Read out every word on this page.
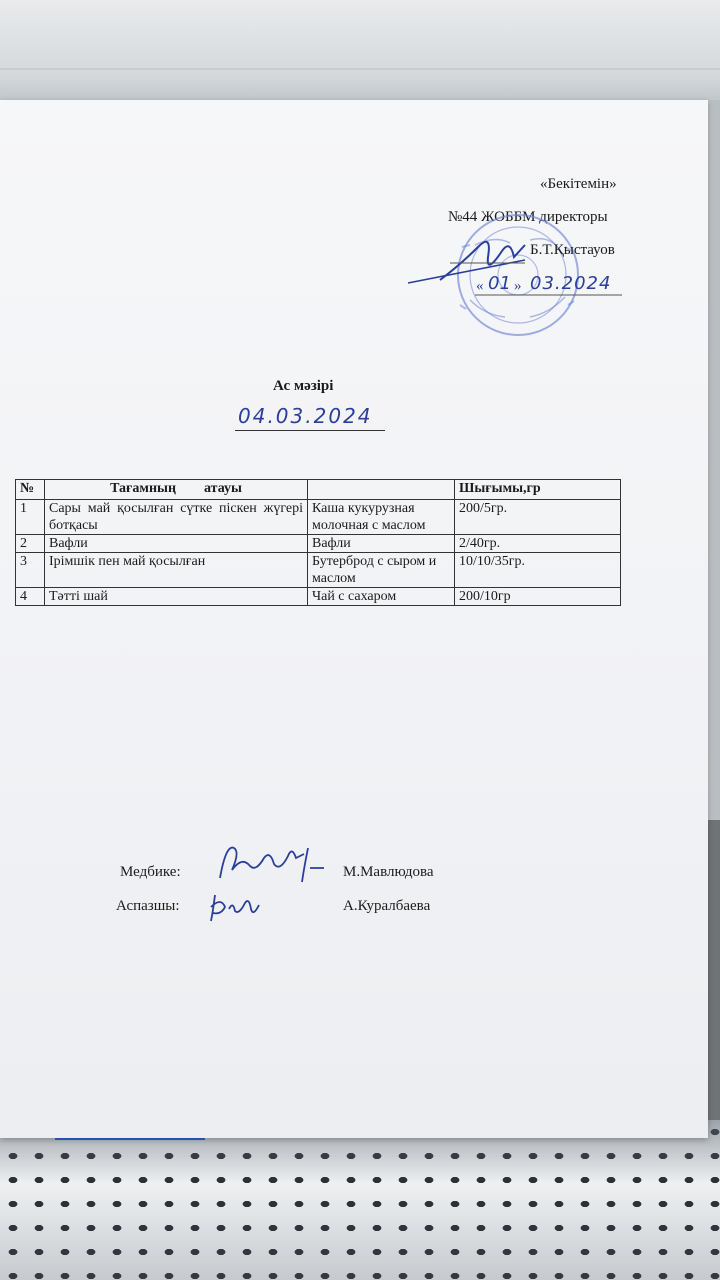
«Бекітемін»
№44 ЖОББМ директоры
Б.Т.Қыстауов
« 01 » 03.2024
Ас мәзірі
04.03.2024
№	Тағамның        атауы		Шығымы,гр
1	Сары май қосылған сүтке піскен жүгері ботқасы	Каша кукурузная молочная с маслом	200/5гр.
2	Вафли	Вафли	2/40гр.
3	Ірімшік пен май қосылған	Бутерброд с сыром и маслом	10/10/35гр.
4	Тәтті шай	Чай с сахаром	200/10гр
Медбике:	М.Мавлюдова
Аспазшы:	А.Куралбаева
